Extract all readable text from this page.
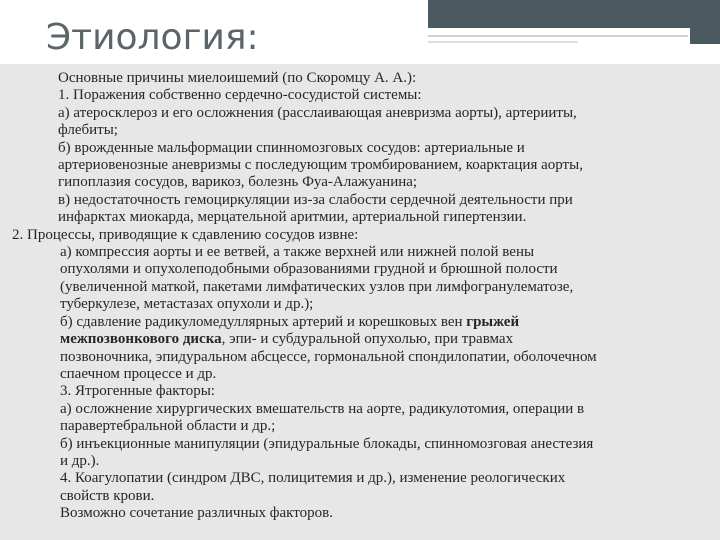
Этиология:
Основные причины миелоишемий (по Скоромцу А. А.):
1. Поражения собственно сердечно-сосудистой системы:
а) атеросклероз и его осложнения (расслаивающая аневризма аорты), артерииты,
флебиты;
б) врожденные мальформации спинномозговых сосудов: артериальные и
артериовенозные аневризмы с последующим тромбированием, коарктация аорты,
гипоплазия сосудов, варикоз, болезнь Фуа-Алажуанина;
в) недостаточность гемоциркуляции из-за слабости сердечной деятельности при
инфарктах миокарда, мерцательной аритмии, артериальной гипертензии.
2. Процессы, приводящие к сдавлению сосудов извне:
а) компрессия аорты и ее ветвей, а также верхней или нижней полой вены
опухолями и опухолеподобными образованиями грудной и брюшной полости
(увеличенной маткой, пакетами лимфатических узлов при лимфогранулематозе,
туберкулезе, метастазах опухоли и др.);
б) сдавление радикуломедуллярных артерий и корешковых вен грыжей
межпозвонкового диска, эпи- и субдуральной опухолью, при травмах
позвоночника, эпидуральном абсцессе, гормональной спондилопатии, оболочечном
спаечном процессе и др.
3. Ятрогенные факторы:
а) осложнение хирургических вмешательств на аорте, радикулотомия, операции в
паравертебральной области и др.;
б) инъекционные манипуляции (эпидуральные блокады, спинномозговая анестезия
и др.).
4. Коагулопатии (синдром ДВС, полицитемия и др.), изменение реологических
свойств крови.
Возможно сочетание различных факторов.
